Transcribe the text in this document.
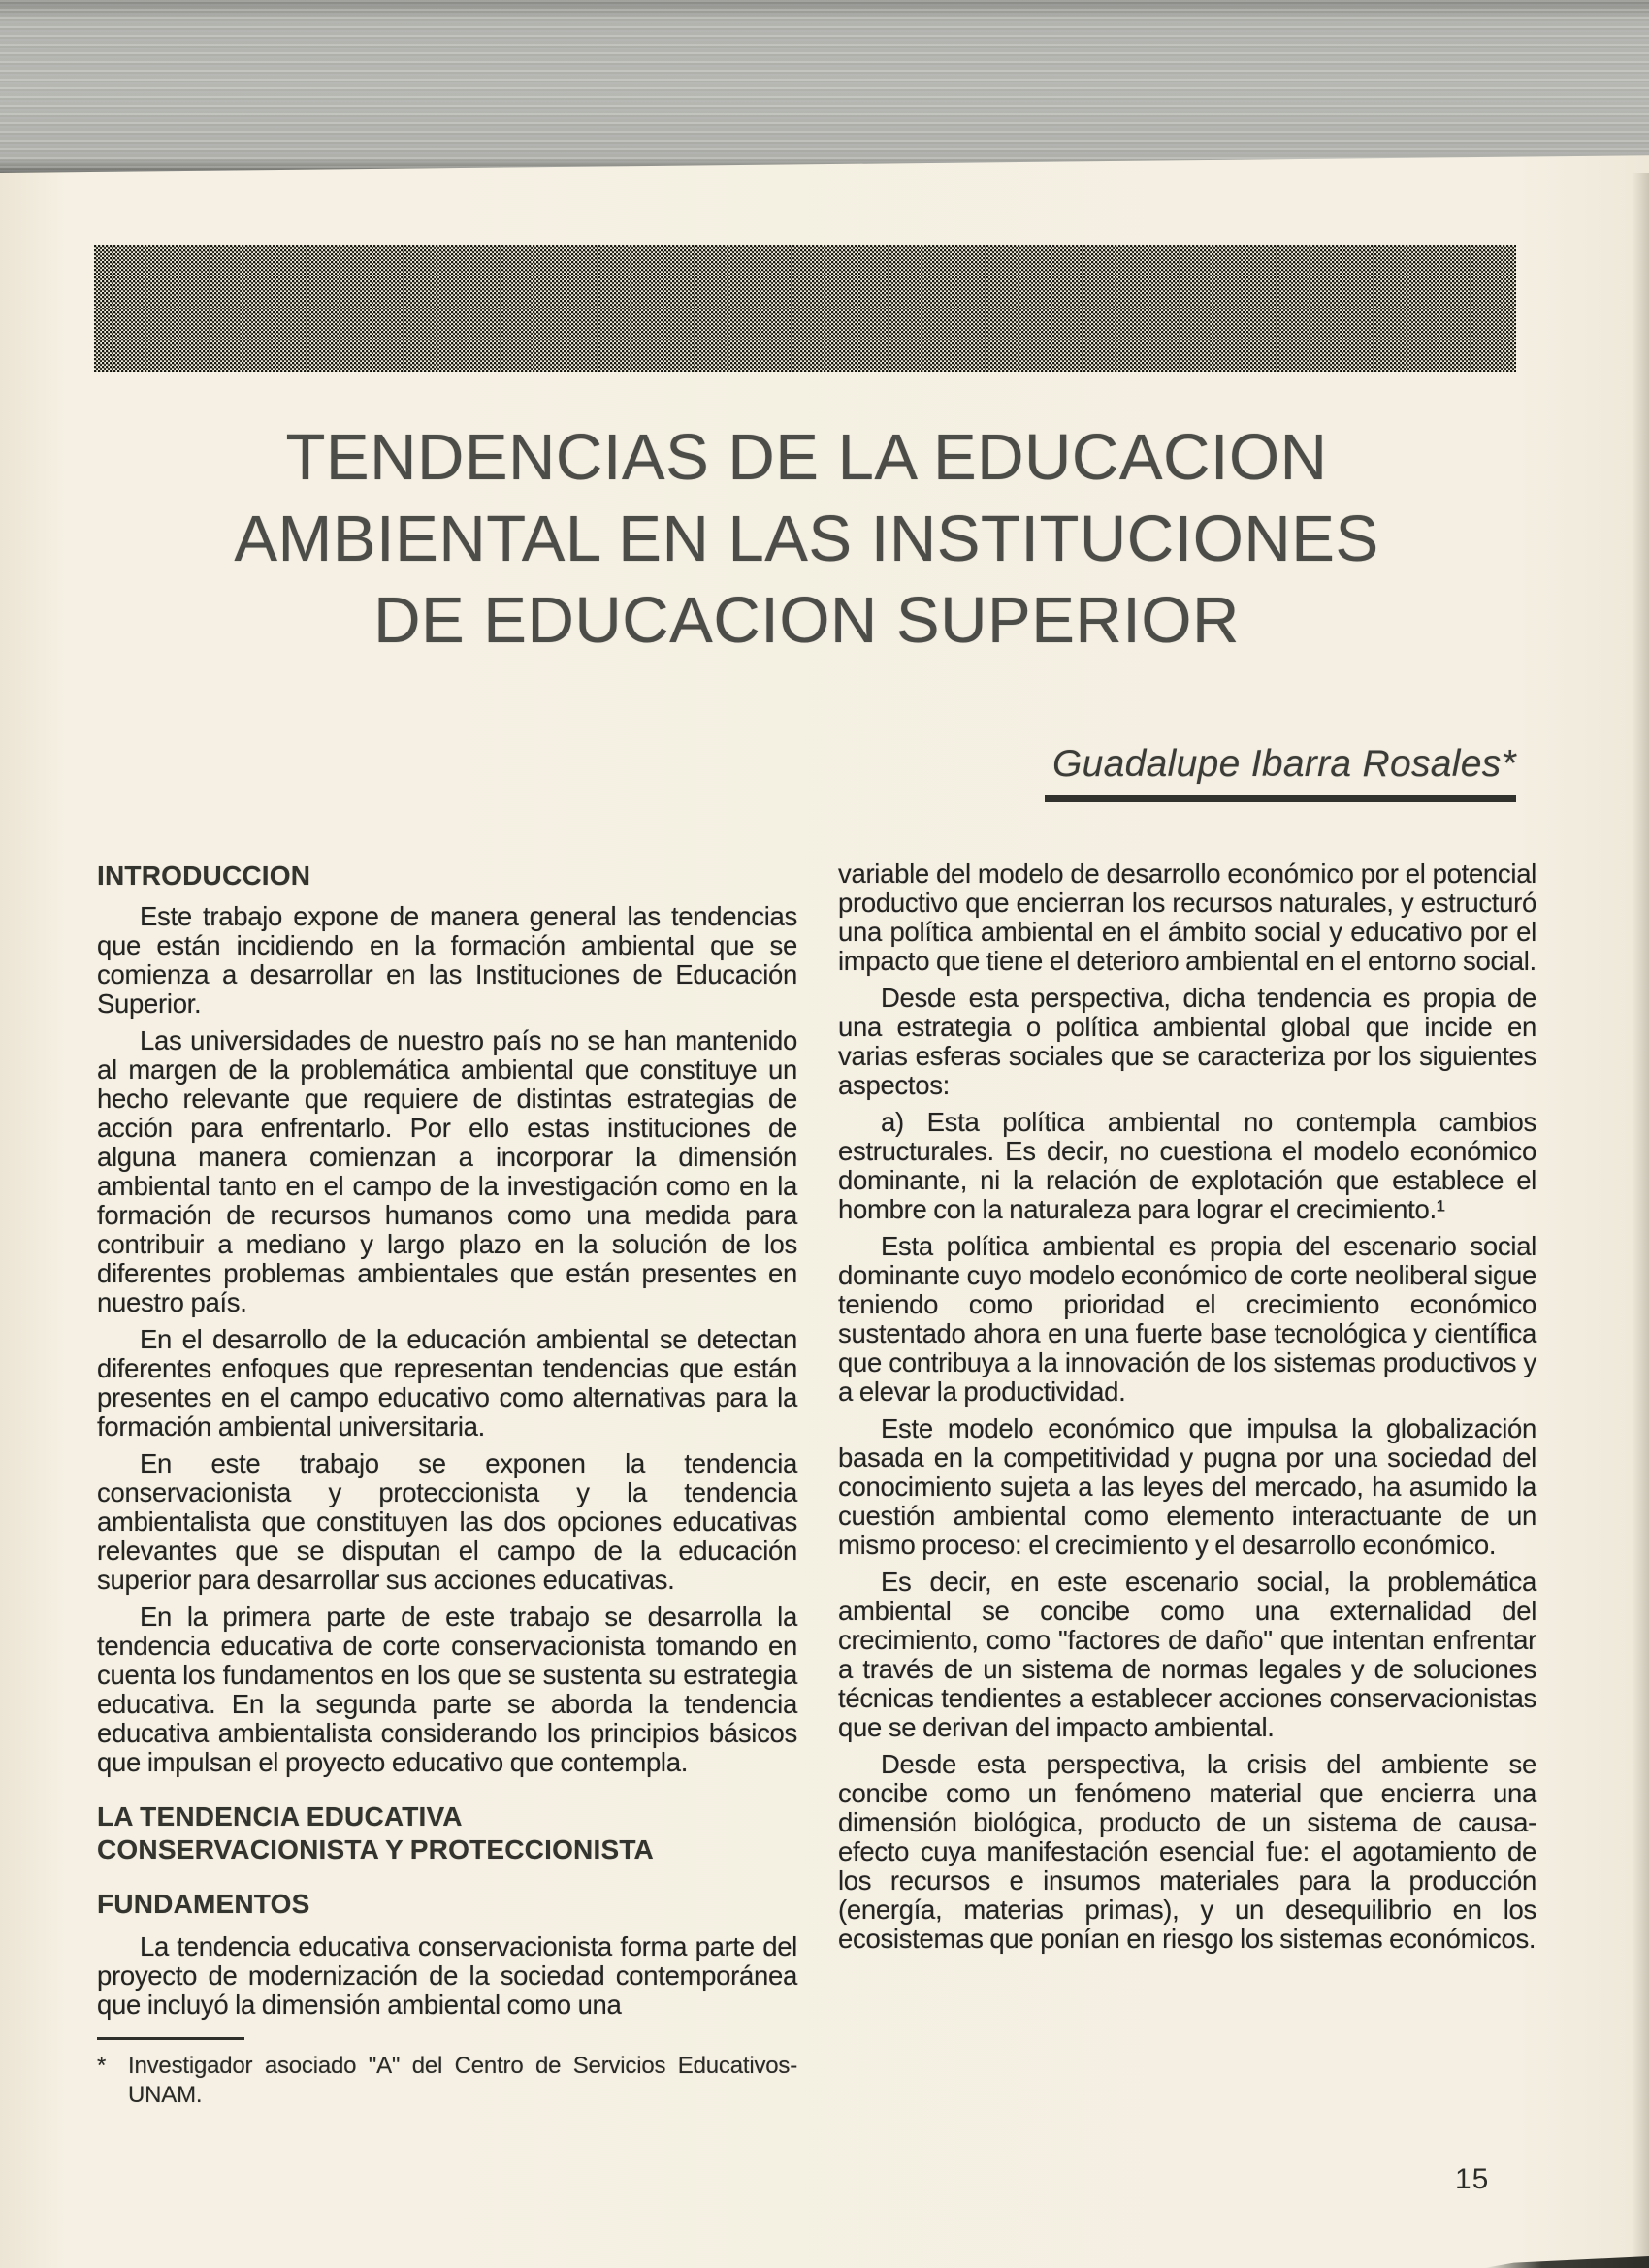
TENDENCIAS DE LA EDUCACION
AMBIENTAL EN LAS INSTITUCIONES
DE EDUCACION SUPERIOR
Guadalupe Ibarra Rosales*
INTRODUCCION

Este trabajo expone de manera general las tendencias que están incidiendo en la formación ambiental que se comienza a desarrollar en las Instituciones de Educación Superior.

Las universidades de nuestro país no se han mantenido al margen de la problemática ambiental que constituye un hecho relevante que requiere de distintas estrategias de acción para enfrentarlo. Por ello estas instituciones de alguna manera comienzan a incorporar la dimensión ambiental tanto en el campo de la investigación como en la formación de recursos humanos como una medida para contribuir a mediano y largo plazo en la solución de los diferentes problemas ambientales que están presentes en nuestro país.

En el desarrollo de la educación ambiental se detectan diferentes enfoques que representan tendencias que están presentes en el campo educativo como alternativas para la formación ambiental universitaria.

En este trabajo se exponen la tendencia conservacionista y proteccionista y la tendencia ambientalista que constituyen las dos opciones educativas relevantes que se disputan el campo de la educación superior para desarrollar sus acciones educativas.

En la primera parte de este trabajo se desarrolla la tendencia educativa de corte conservacionista tomando en cuenta los fundamentos en los que se sustenta su estrategia educativa. En la segunda parte se aborda la tendencia educativa ambientalista considerando los principios básicos que impulsan el proyecto educativo que contempla.

LA TENDENCIA EDUCATIVA
CONSERVACIONISTA Y PROTECCIONISTA
FUNDAMENTOS

La tendencia educativa conservacionista forma parte del proyecto de modernización de la sociedad contemporánea que incluyó la dimensión ambiental como una

* Investigador asociado "A" del Centro de Servicios Educativos-UNAM.

variable del modelo de desarrollo económico por el potencial productivo que encierran los recursos naturales, y estructuró una política ambiental en el ámbito social y educativo por el impacto que tiene el deterioro ambiental en el entorno social.

Desde esta perspectiva, dicha tendencia es propia de una estrategia o política ambiental global que incide en varias esferas sociales que se caracteriza por los siguientes aspectos:

a) Esta política ambiental no contempla cambios estructurales. Es decir, no cuestiona el modelo económico dominante, ni la relación de explotación que establece el hombre con la naturaleza para lograr el crecimiento.¹

Esta política ambiental es propia del escenario social dominante cuyo modelo económico de corte neoliberal sigue teniendo como prioridad el crecimiento económico sustentado ahora en una fuerte base tecnológica y científica que contribuya a la innovación de los sistemas productivos y a elevar la productividad.

Este modelo económico que impulsa la globalización basada en la competitividad y pugna por una sociedad del conocimiento sujeta a las leyes del mercado, ha asumido la cuestión ambiental como elemento interactuante de un mismo proceso: el crecimiento y el desarrollo económico.

Es decir, en este escenario social, la problemática ambiental se concibe como una externalidad del crecimiento, como "factores de daño" que intentan enfrentar a través de un sistema de normas legales y de soluciones técnicas tendientes a establecer acciones conservacionistas que se derivan del impacto ambiental.

Desde esta perspectiva, la crisis del ambiente se concibe como un fenómeno material que encierra una dimensión biológica, producto de un sistema de causa-efecto cuya manifestación esencial fue: el agotamiento de los recursos e insumos materiales para la producción (energía, materias primas), y un desequilibrio en los ecosistemas que ponían en riesgo los sistemas económicos.

15
